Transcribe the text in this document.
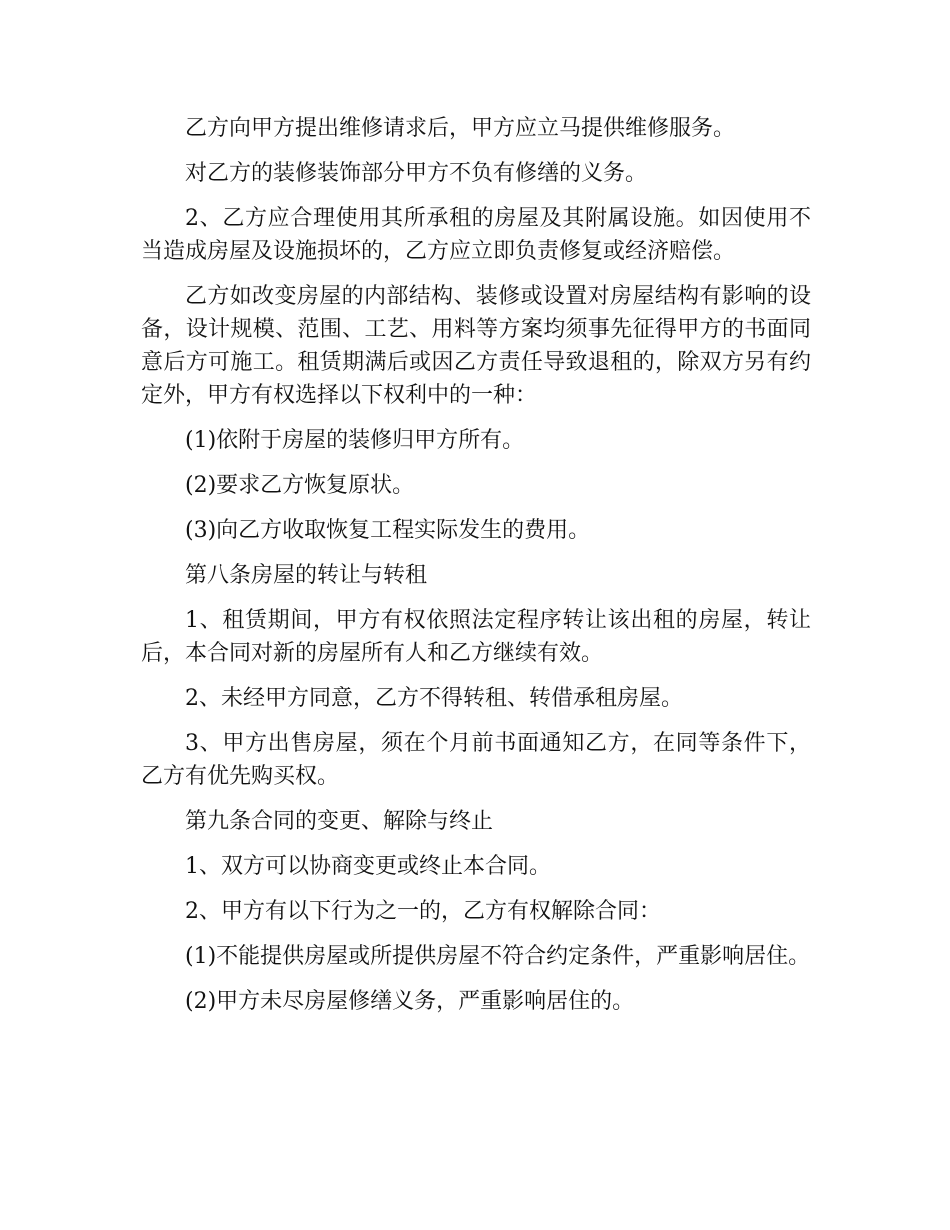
乙方向甲方提出维修请求后，甲方应立马提供维修服务。

对乙方的装修装饰部分甲方不负有修缮的义务。

2、乙方应合理使用其所承租的房屋及其附属设施。如因使用不当造成房屋及设施损坏的，乙方应立即负责修复或经济赔偿。

乙方如改变房屋的内部结构、装修或设置对房屋结构有影响的设备，设计规模、范围、工艺、用料等方案均须事先征得甲方的书面同意后方可施工。租赁期满后或因乙方责任导致退租的，除双方另有约定外，甲方有权选择以下权利中的一种：

(1)依附于房屋的装修归甲方所有。

(2)要求乙方恢复原状。

(3)向乙方收取恢复工程实际发生的费用。

第八条房屋的转让与转租

1、租赁期间，甲方有权依照法定程序转让该出租的房屋，转让后，本合同对新的房屋所有人和乙方继续有效。

2、未经甲方同意，乙方不得转租、转借承租房屋。

3、甲方出售房屋，须在个月前书面通知乙方，在同等条件下，乙方有优先购买权。

第九条合同的变更、解除与终止

1、双方可以协商变更或终止本合同。

2、甲方有以下行为之一的，乙方有权解除合同：

(1)不能提供房屋或所提供房屋不符合约定条件，严重影响居住。

(2)甲方未尽房屋修缮义务，严重影响居住的。
